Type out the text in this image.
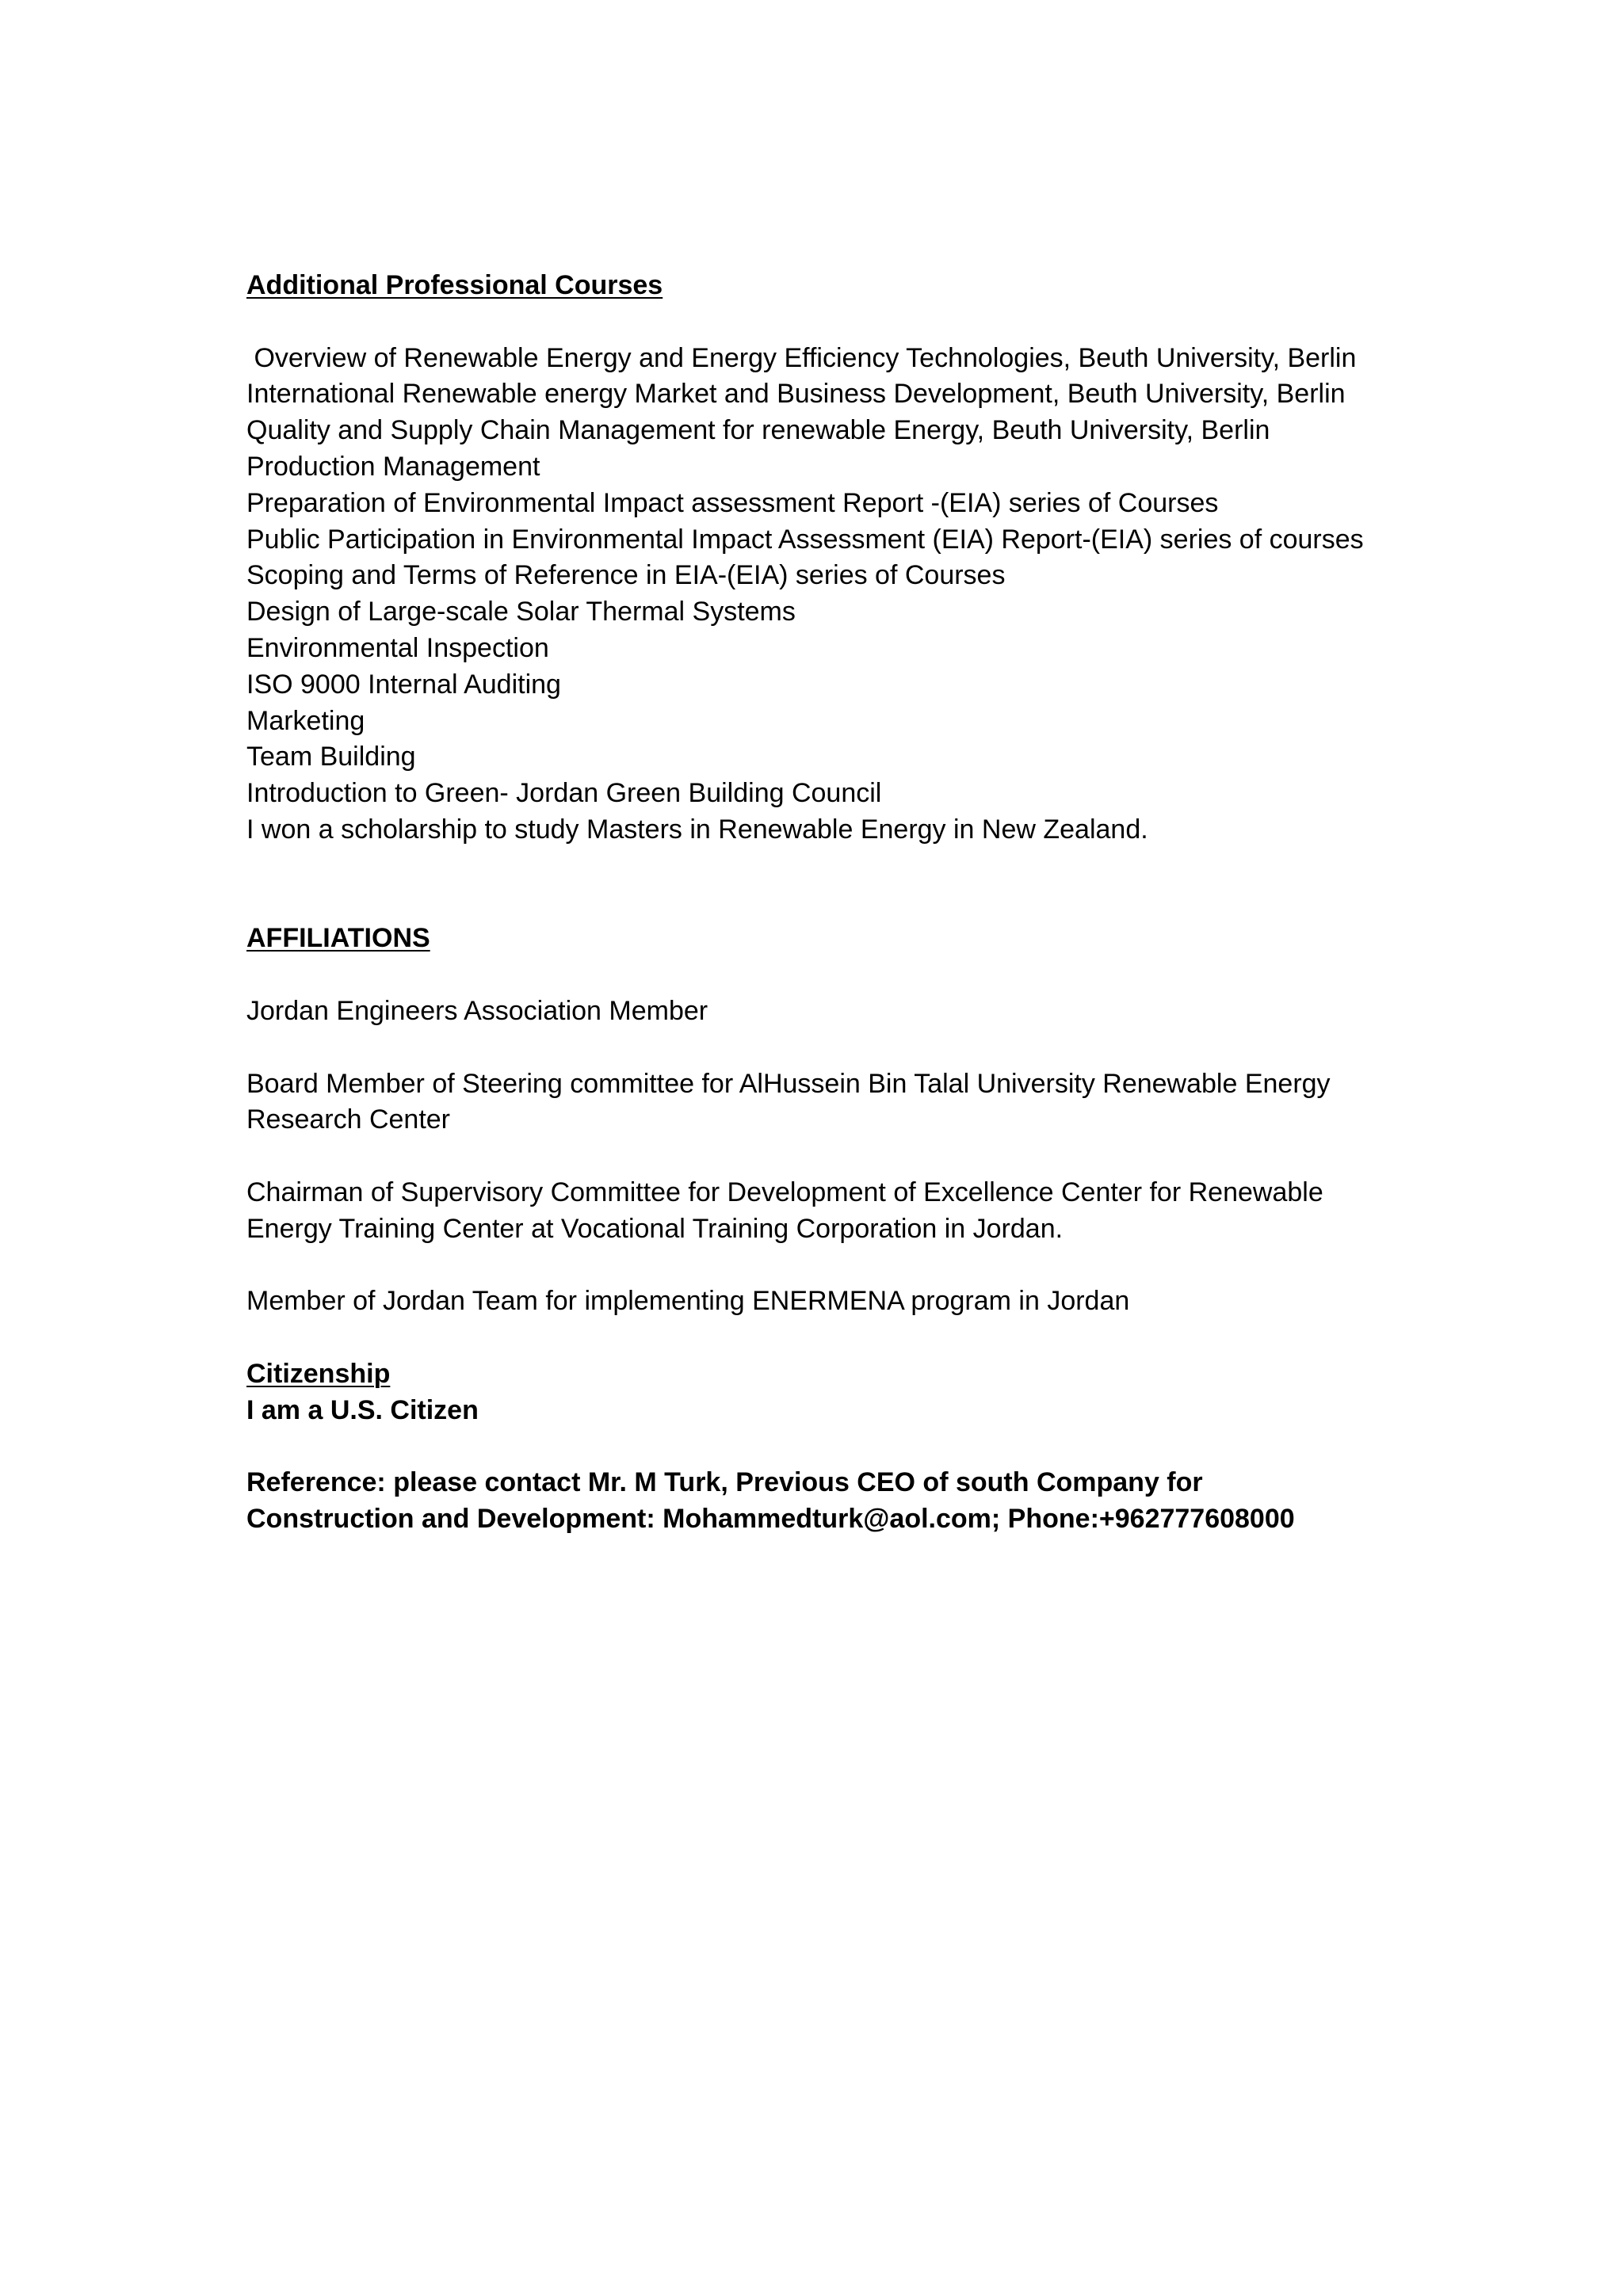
Additional Professional Courses

Overview of Renewable Energy and Energy Efficiency Technologies, Beuth University, Berlin

International Renewable energy Market and Business Development, Beuth University, Berlin

Quality and Supply Chain Management for renewable Energy, Beuth University, Berlin

Production Management

Preparation of Environmental Impact assessment Report -(EIA) series of Courses

Public Participation in Environmental Impact Assessment (EIA) Report-(EIA) series of courses

Scoping and Terms of Reference in EIA-(EIA) series of Courses

Design of Large-scale Solar Thermal Systems

Environmental Inspection

ISO 9000 Internal Auditing

Marketing

Team Building

Introduction to Green- Jordan Green Building Council

I won a scholarship to study Masters in Renewable Energy in New Zealand.

AFFILIATIONS

Jordan Engineers Association Member

Board Member of Steering committee for AlHussein Bin Talal University Renewable Energy Research Center

Chairman of Supervisory Committee for Development of Excellence Center for Renewable Energy Training Center at Vocational Training Corporation in Jordan.

Member of Jordan Team for implementing ENERMENA program in Jordan

Citizenship

I am a U.S. Citizen

Reference: please contact Mr. M Turk, Previous CEO of south Company for

Construction and Development: Mohammedturk@aol.com; Phone:+962777608000
